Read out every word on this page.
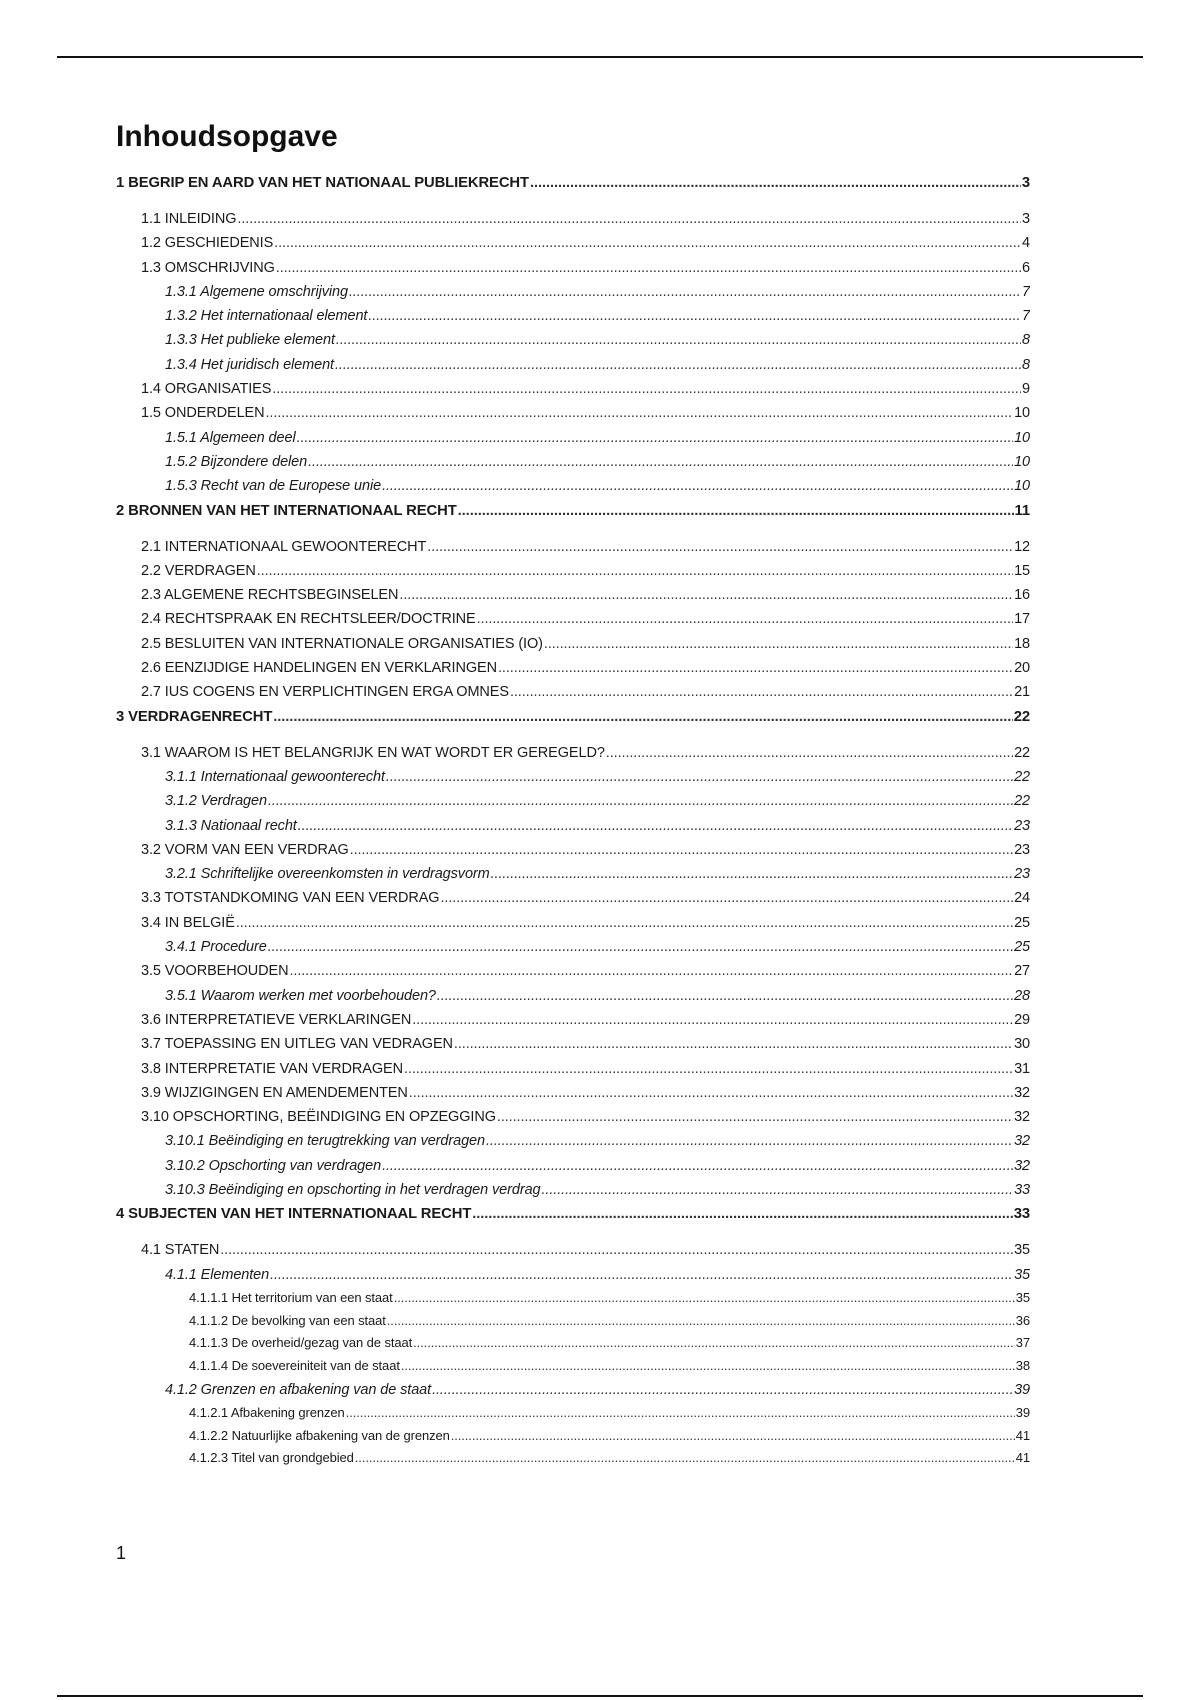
Inhoudsopgave
1 BEGRIP EN AARD VAN HET NATIONAAL PUBLIEKRECHT .....	3
1.1 INLEIDING .....	3
1.2 GESCHIEDENIS .....	4
1.3 OMSCHRIJVING .....	6
1.3.1 Algemene omschrijving .....	7
1.3.2 Het internationaal element .....	7
1.3.3 Het publieke element .....	8
1.3.4 Het juridisch element .....	8
1.4 ORGANISATIES .....	9
1.5 ONDERDELEN .....	10
1.5.1 Algemeen deel .....	10
1.5.2 Bijzondere delen .....	10
1.5.3 Recht van de Europese unie .....	10
2 BRONNEN VAN HET INTERNATIONAAL RECHT .....	11
2.1 INTERNATIONAAL GEWOONTERECHT .....	12
2.2 VERDRAGEN .....	15
2.3 ALGEMENE RECHTSBEGINSELEN .....	16
2.4 RECHTSPRAAK EN RECHTSLEER/DOCTRINE .....	17
2.5 BESLUITEN VAN INTERNATIONALE ORGANISATIES (IO) .....	18
2.6 EENZIJDIGE HANDELINGEN EN VERKLARINGEN .....	20
2.7 IUS COGENS EN VERPLICHTINGEN ERGA OMNES .....	21
3 VERDRAGENRECHT .....	22
3.1 WAAROM IS HET BELANGRIJK EN WAT WORDT ER GEREGELD? .....	22
3.1.1 Internationaal gewoonterecht .....	22
3.1.2 Verdragen .....	22
3.1.3 Nationaal recht .....	23
3.2 VORM VAN EEN VERDRAG .....	23
3.2.1 Schriftelijke overeenkomsten in verdragsvorm .....	23
3.3 TOTSTANDKOMING VAN EEN VERDRAG .....	24
3.4 IN BELGIË .....	25
3.4.1 Procedure .....	25
3.5 VOORBEHOUDEN .....	27
3.5.1 Waarom werken met voorbehouden? .....	28
3.6 INTERPRETATIEVE VERKLARINGEN .....	29
3.7 TOEPASSING EN UITLEG VAN VEDRAGEN .....	30
3.8 INTERPRETATIE VAN VERDRAGEN .....	31
3.9 WIJZIGINGEN EN AMENDEMENTEN .....	32
3.10 OPSCHORTING, BEËINDIGING EN OPZEGGING .....	32
3.10.1 Beëindiging en terugtrekking van verdragen .....	32
3.10.2 Opschorting van verdragen .....	32
3.10.3 Beëindiging en opschorting in het verdragen verdrag .....	33
4 SUBJECTEN VAN HET INTERNATIONAAL RECHT .....	33
4.1 STATEN .....	35
4.1.1 Elementen .....	35
4.1.1.1 Het territorium van een staat .....	35
4.1.1.2 De bevolking van een staat .....	36
4.1.1.3 De overheid/gezag van de staat .....	37
4.1.1.4 De soevereiniteit van de staat .....	38
4.1.2 Grenzen en afbakening van de staat .....	39
4.1.2.1 Afbakening grenzen .....	39
4.1.2.2 Natuurlijke afbakening van de grenzen .....	41
4.1.2.3 Titel van grondgebied .....	41
1
